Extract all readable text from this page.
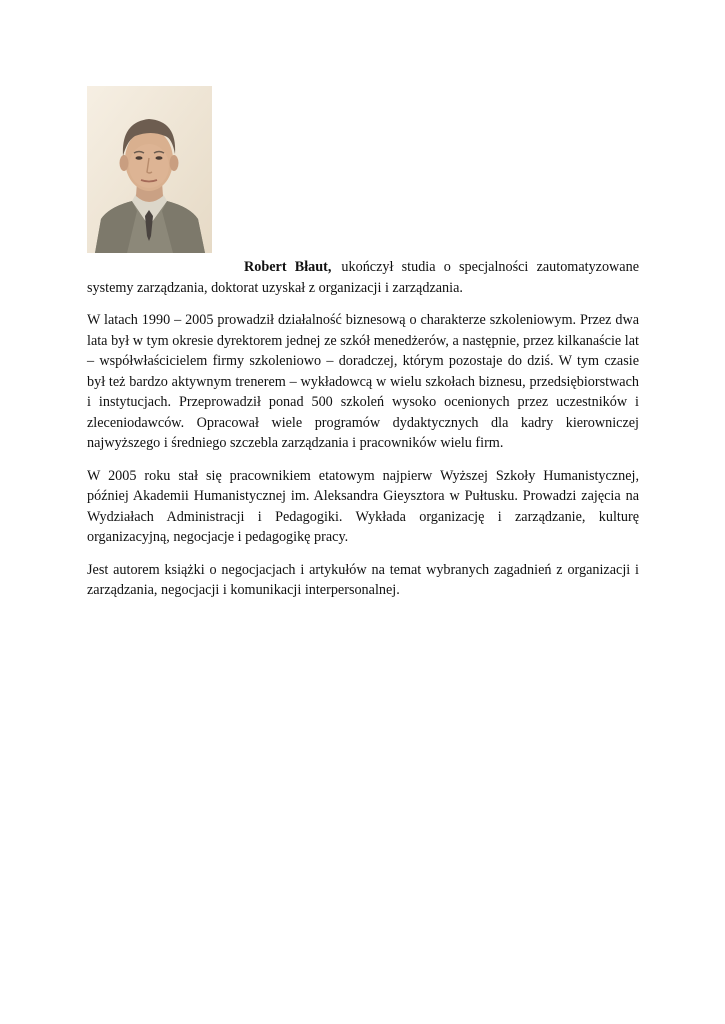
Robert Błaut, ukończył studia o specjalności zautomatyzowane systemy zarządzania, doktorat uzyskał z organizacji i zarządzania.

W latach 1990 – 2005 prowadził działalność biznesową o charakterze szkoleniowym. Przez dwa lata był w tym okresie dyrektorem jednej ze szkół menedżerów, a następnie, przez kilkanaście lat – współwłaścicielem firmy szkoleniowo – doradczej, którym pozostaje do dziś. W tym czasie był też bardzo aktywnym trenerem – wykładowcą w wielu szkołach biznesu, przedsiębiorstwach i instytucjach. Przeprowadził ponad 500 szkoleń wysoko ocenionych przez uczestników i zleceniodawców. Opracował wiele programów dydaktycznych dla kadry kierowniczej najwyższego i średniego szczebla zarządzania i pracowników wielu firm.

W 2005 roku stał się pracownikiem etatowym najpierw Wyższej Szkoły Humanistycznej, później Akademii Humanistycznej im. Aleksandra Gieysztora w Pułtusku. Prowadzi zajęcia na Wydziałach Administracji i Pedagogiki. Wykłada organizację i zarządzanie, kulturę organizacyjną, negocjacje i pedagogikę pracy.

Jest autorem książki o negocjacjach i artykułów na temat wybranych zagadnień z organizacji i zarządzania, negocjacji i komunikacji interpersonalnej.
